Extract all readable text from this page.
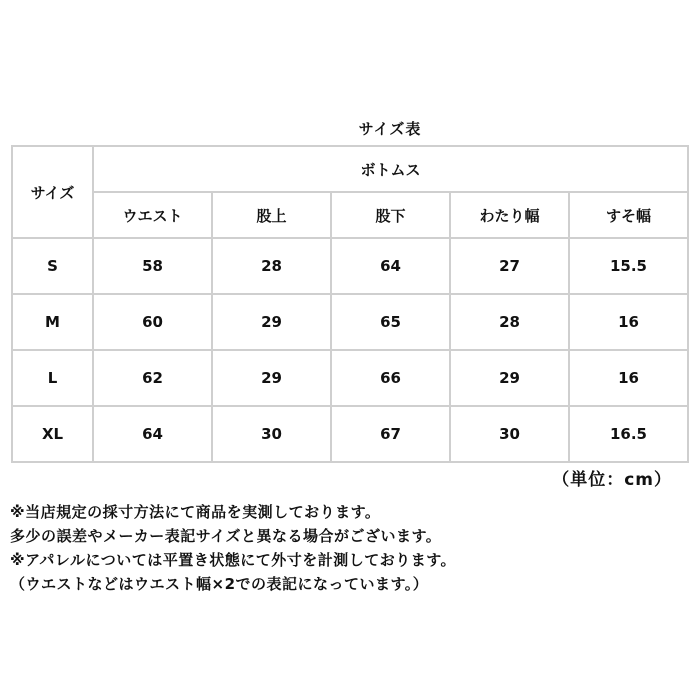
サイズ表
サイズ	ボトムス				
	ウエスト	股上	股下	わたり幅	すそ幅
S	58	28	64	27	15.5
M	60	29	65	28	16
L	62	29	66	29	16
XL	64	30	67	30	16.5
（単位：cm）
※当店規定の採寸方法にて商品を実測しております。
多少の誤差やメーカー表記サイズと異なる場合がございます。
※アパレルについては平置き状態にて外寸を計測しております。
（ウエストなどはウエスト幅×2での表記になっています。）
